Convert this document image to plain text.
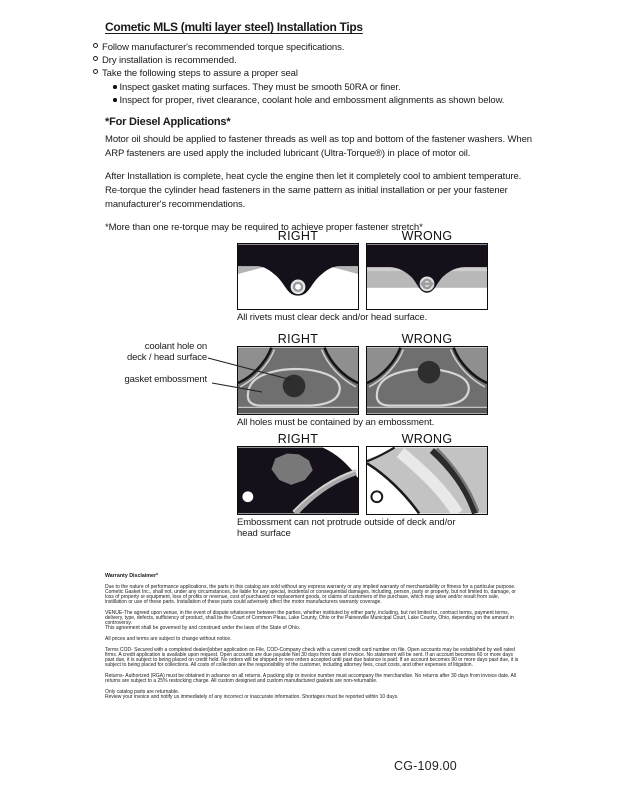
Cometic MLS (multi layer steel) Installation Tips
Follow manufacturer's recommended torque specifications.
Dry installation is recommended.
Take the following steps to assure a proper seal
Inspect gasket mating surfaces. They must be smooth 50RA or finer.
Inspect for proper, rivet clearance, coolant hole and embossment alignments as shown below.
*For Diesel Applications*

Motor oil should be applied to fastener threads as well as top and bottom of the fastener washers. When ARP fasteners are used apply the included lubricant (Ultra-Torque®) in place of motor oil.

After Installation is complete, heat cycle the engine then let it completely cool to ambient temperature. Re-torque the cylinder head fasteners in the same pattern as initial installation or per your fastener manufacturer's recommendations.

*More than one re-torque may be required to achieve proper fastener stretch*

RIGHT	WRONG
All rivets must clear deck and/or head surface.
RIGHT	WRONG
All holes must be contained by an embossment.
coolant hole on
deck / head surface
gasket embossment
RIGHT	WRONG
Embossment can not protrude outside of deck and/or head surface
Warranty Disclaimer*

Due to the nature of performance applications, the parts in this catalog are sold without any express warranty or any implied warranty of merchantability or fitness for a particular purpose. Cometic Gasket Inc., shall not, under any circumstances, be liable for any special, incidental or consequential damages, including, person, party or property, but not limited to, damage, or loss of property or equipment, loss of profits or revenue, cost of purchased or replacement goods, or claims of customers of the purchase, which may arise and/or result from sale, instillation or use of these parts. Installation of these parts could adversely affect the motor manufacturers warranty coverage.

VENUE-The agreed upon venue, in the event of dispute whatsoever between the parties, whether instituted by either party, including, but not limited to, contract terms, payment terms, delivery, type, defects, sufficiency of product, shall be the Court of Common Pleas, Lake County, Ohio or the Painesville Municipal Court, Lake County, Ohio, depending on the amount in controversy.
This agreement shall be governed by and construed under the laws of the State of Ohio.

All prices and terms are subject to change without notice.

Terms COD- Secured with a completed dealer/jobber application on File, COD-Company check with a current credit card number on file. Open accounts may be established by well rated firms. A credit application is available upon request. Open accounts are due payable Net 30 days from date of invoice. No statement will be sent. If an account becomes 60 or more days past due, it is subject to being placed on credit hold. No orders will be shipped or new orders accepted until past due balance is paid. If an account becomes 90 or more days past due, it is subject to being placed for collections. All costs of collection are the responsibility of the customer, including attorney fees, court costs, and other expenses of litigation.

Returns- Authorized (RGA) must be obtained in advance on all returns. A packing slip or invoice number must accompany the merchandise. No returns after 30 days from invoice date. All returns are subject to a 25% restocking charge. All custom designed and custom manufactured gaskets are non-returnable.

Only catalog parts are returnable.
Review your invoice and notify us immediately of any incorrect or inaccurate information. Shortages must be reported within 10 days.

CG-109.00
